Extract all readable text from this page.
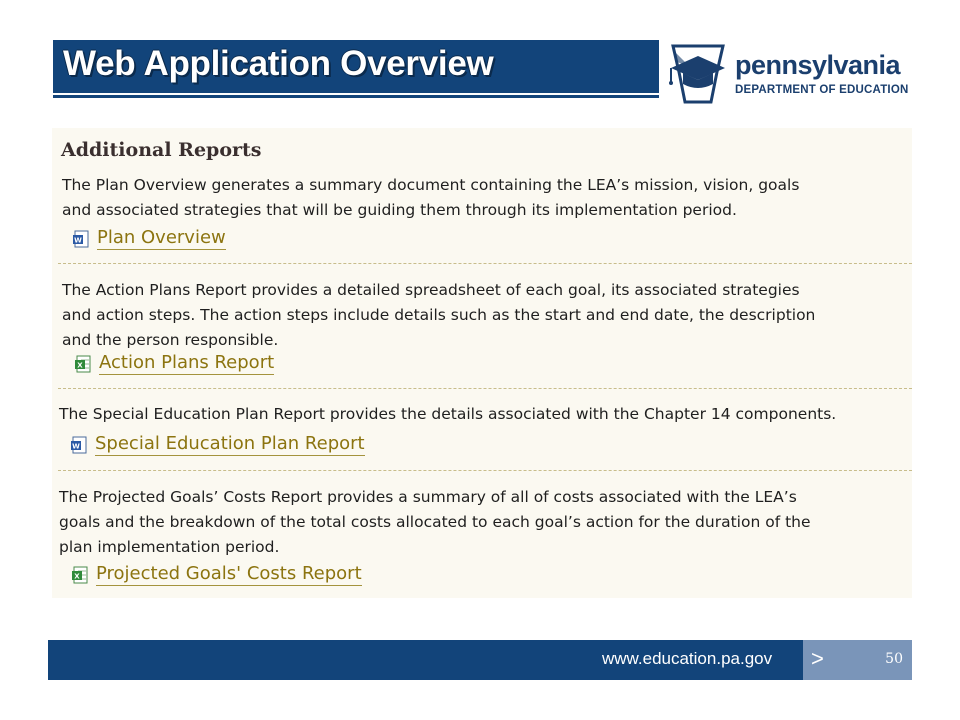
Web Application Overview	pennsylvania
DEPARTMENT OF EDUCATION
Additional Reports
The Plan Overview generates a summary document containing the LEA’s mission, vision, goals
and associated strategies that will be guiding them through its implementation period.
W Plan Overview
The Action Plans Report provides a detailed spreadsheet of each goal, its associated strategies
and action steps. The action steps include details such as the start and end date, the description
and the person responsible.
X Action Plans Report
The Special Education Plan Report provides the details associated with the Chapter 14 components.
W Special Education Plan Report
The Projected Goals’ Costs Report provides a summary of all of costs associated with the LEA’s
goals and the breakdown of the total costs allocated to each goal’s action for the duration of the
plan implementation period.
X Projected Goals' Costs Report
www.education.pa.gov >	50
